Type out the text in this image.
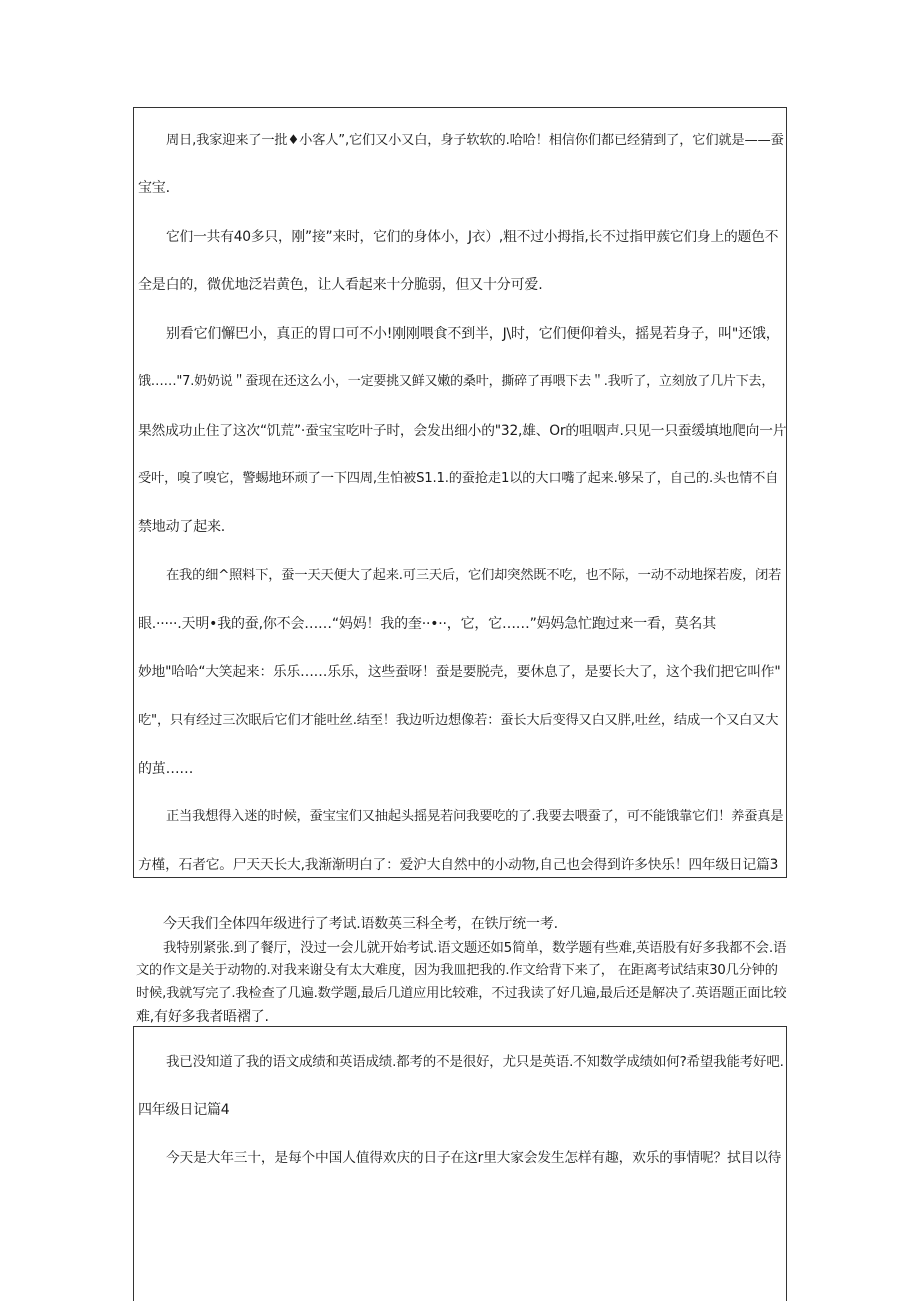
周日,我家迎来了一批♦小客人”,它们又小又白，身子软软的.哈哈！相信你们都已经猜到了，它们就是——蚕
宝宝.
它们一共有40多只，刚”接”来时，它们的身体小，J衣）,粗不过小拇指,长不过指甲蔟它们身上的题色不
全是白的，微优地泛岩黄色，让人看起来十分脆弱，但又十分可爱.
别看它们懈巴小，真正的胃口可不小!刚刚喂食不到半，J\时，它们便仰着头，摇晃若身子，叫"还饿，
饿……"7.奶奶说＂蚕现在还这么小，一定要挑又鲜又嫩的桑叶，撕碎了再喂下去＂.我听了，立刻放了几片下去，
果然成功止住了这次“饥荒”·蚕宝宝吃叶子时，会发出细小的"32,雄、Or的咀咽声.只见一只蚕缓填地爬向一片
受叶，嗅了嗅它，警蜴地环顽了一下四周,生怕被S1.1.的蚕抢走1以的大口嘴了起来.够呆了，自己的.头也情不自
禁地动了起来.
在我的细^照料下，蚕一天天便大了起来.可三天后，它们却突然既不吃，也不际，一动不动地探若废，闭若
眼.·····.天明•我的蚕,你不会……“妈妈！我的奎··•··，它，它……”妈妈急忙跑过来一看，莫名其
妙地"哈哈“大笑起来：乐乐……乐乐，这些蚕呀！蚕是要脱壳，要休息了，是要长大了，这个我们把它叫作"
吃"，只有经过三次眠后它们才能吐丝.结至！我边听边想像若：蚕长大后变得又白又胖,吐丝，结成一个又白又大
的茧……
正当我想得入迷的时候，蚕宝宝们又抽起头摇晃若问我要吃的了.我要去喂蚕了，可不能饿靠它们！养蚕真是
方槿，石者它。尸天天长大,我渐渐明白了：爱沪大自然中的小动物,自己也会得到许多快乐！四年级日记篇3
今天我们全体四年级进行了考试.语数英三科全考，在铁厅统一考.
我特别紧张.到了餐厅，没过一会儿就开始考试.语文题还如5简单，数学题有些难,英语股有好多我都不会.语
文的作文是关于动物的.对我来谢殳有太大难度，因为我皿把我的.作文给背下来了， 在距离考试结束30几分钟的
时候,我就写完了.我检查了几遍.数学题,最后几道应用比较难，不过我读了好几遍,最后还是解决了.英语题正面比较
难,有好多我者晤褶了.
我已没知道了我的语文成绩和英语成绩.都考的不是很好，尤只是英语.不知数学成绩如何?希望我能考好吧.
四年级日记篇4
今天是大年三十，是每个中国人值得欢庆的日子在这r里大家会发生怎样有趣，欢乐的事情呢？拭目以待
